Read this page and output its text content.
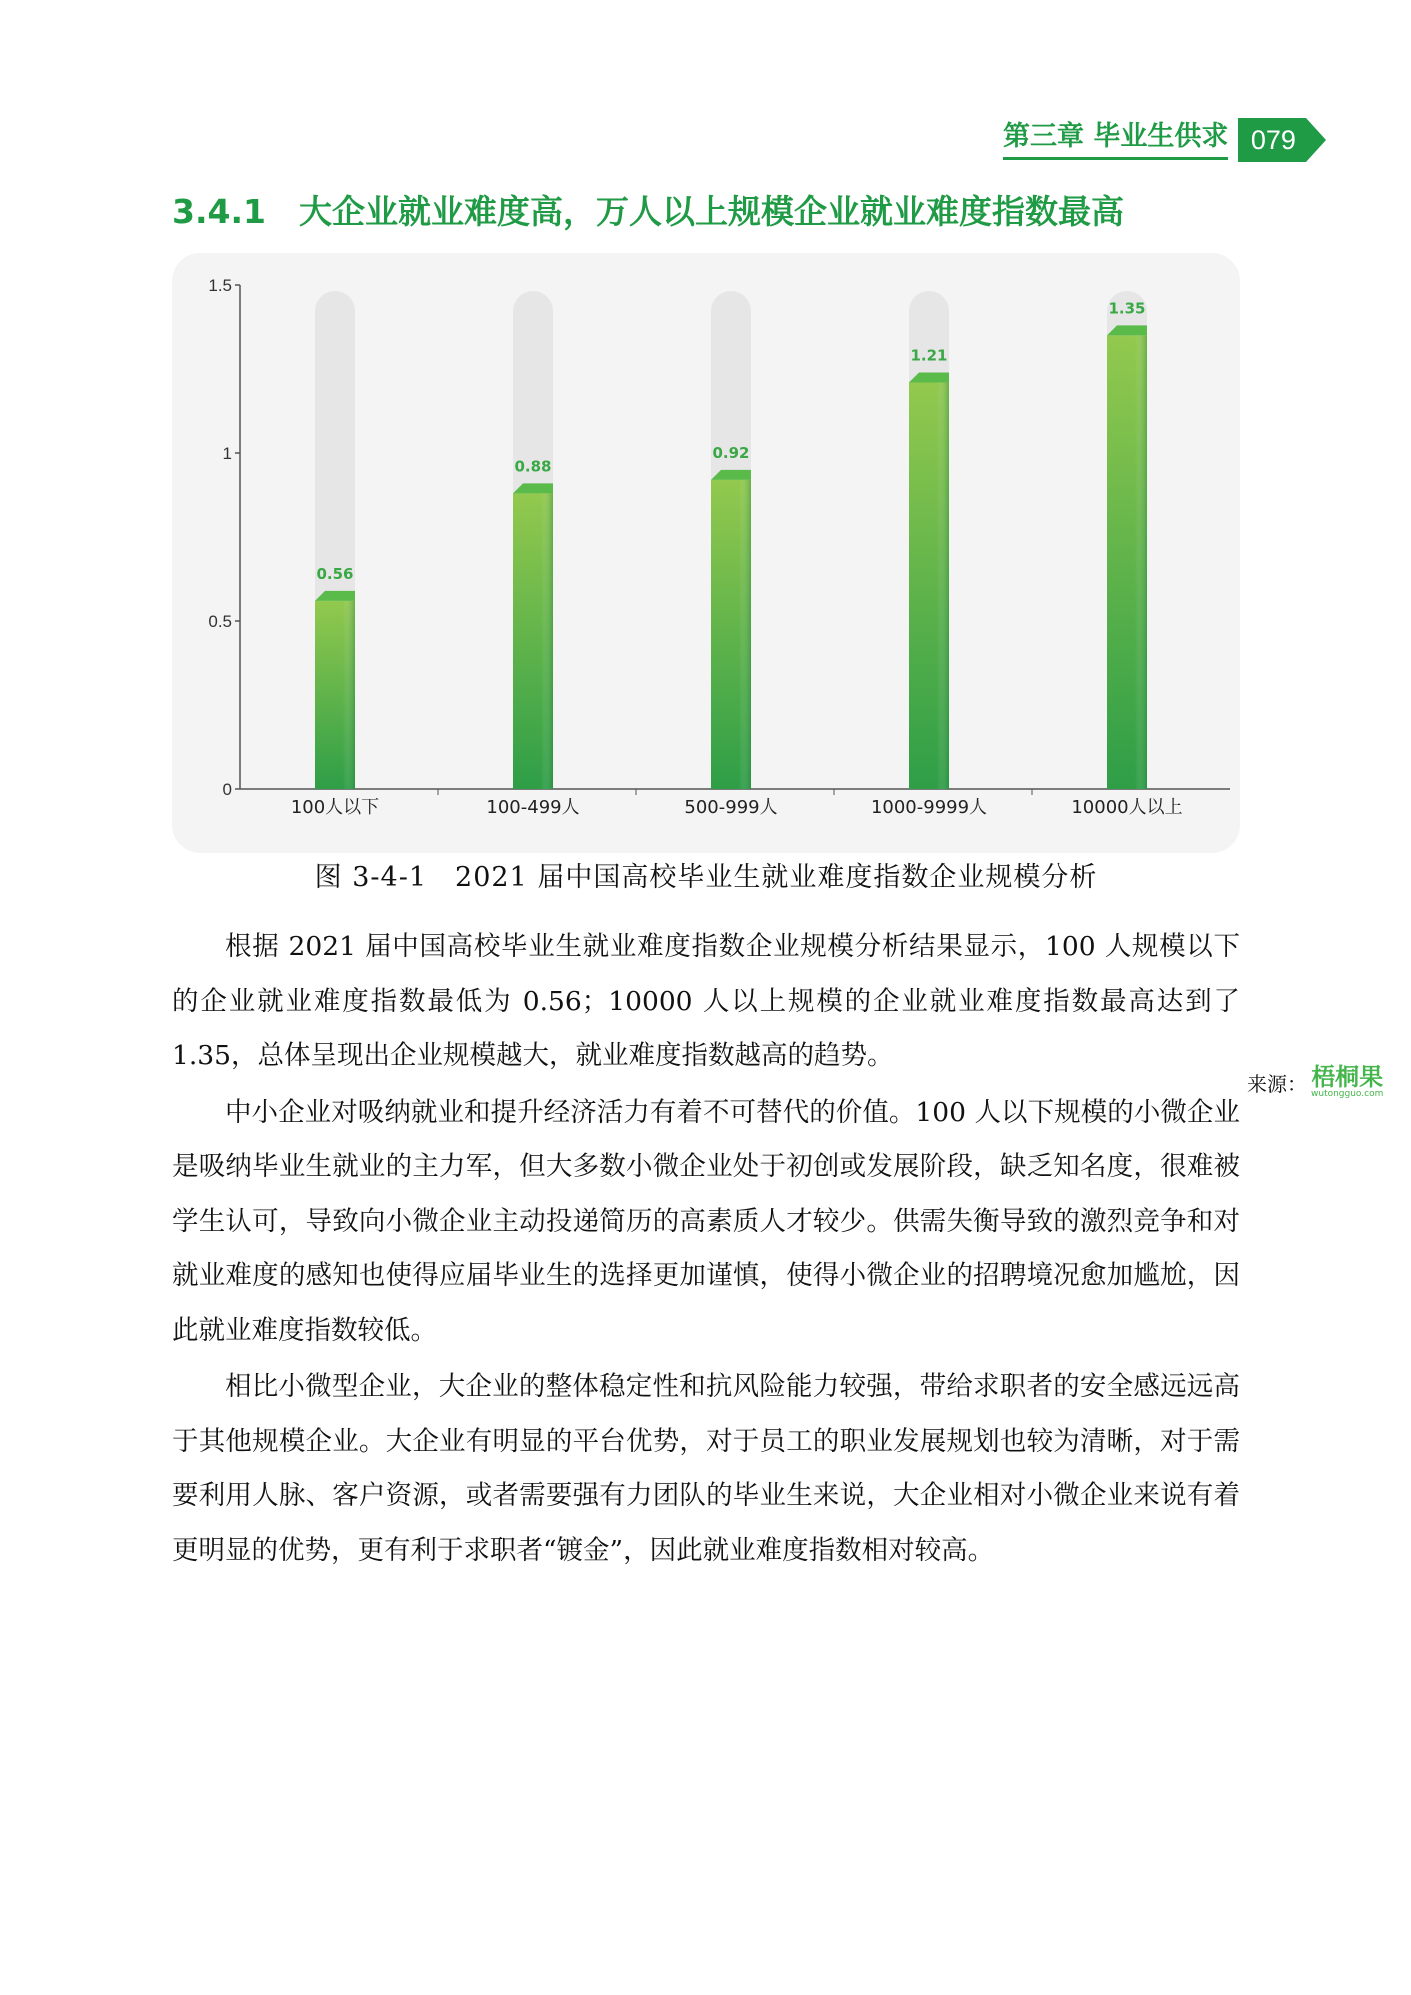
第三章 毕业生供求 079
3.4.1　大企业就业难度高，万人以上规模企业就业难度指数最高
0
0.5
1
1.5
0.56
100人以下
0.88
100-499人
0.92
500-999人
1.21
1000-9999人
1.35
10000人以上
来源： 梧桐果
wutongguo.com
图 3-4-1　2021 届中国高校毕业生就业难度指数企业规模分析

根据 2021 届中国高校毕业生就业难度指数企业规模分析结果显示，100 人规模以下的企业就业难度指数最低为 0.56；10000 人以上规模的企业就业难度指数最高达到了 1.35，总体呈现出企业规模越大，就业难度指数越高的趋势。

中小企业对吸纳就业和提升经济活力有着不可替代的价值。100 人以下规模的小微企业是吸纳毕业生就业的主力军，但大多数小微企业处于初创或发展阶段，缺乏知名度，很难被学生认可，导致向小微企业主动投递简历的高素质人才较少。供需失衡导致的激烈竞争和对就业难度的感知也使得应届毕业生的选择更加谨慎，使得小微企业的招聘境况愈加尴尬，因此就业难度指数较低。

相比小微型企业，大企业的整体稳定性和抗风险能力较强，带给求职者的安全感远远高于其他规模企业。大企业有明显的平台优势，对于员工的职业发展规划也较为清晰，对于需要利用人脉、客户资源，或者需要强有力团队的毕业生来说，大企业相对小微企业来说有着更明显的优势，更有利于求职者“镀金”，因此就业难度指数相对较高。
